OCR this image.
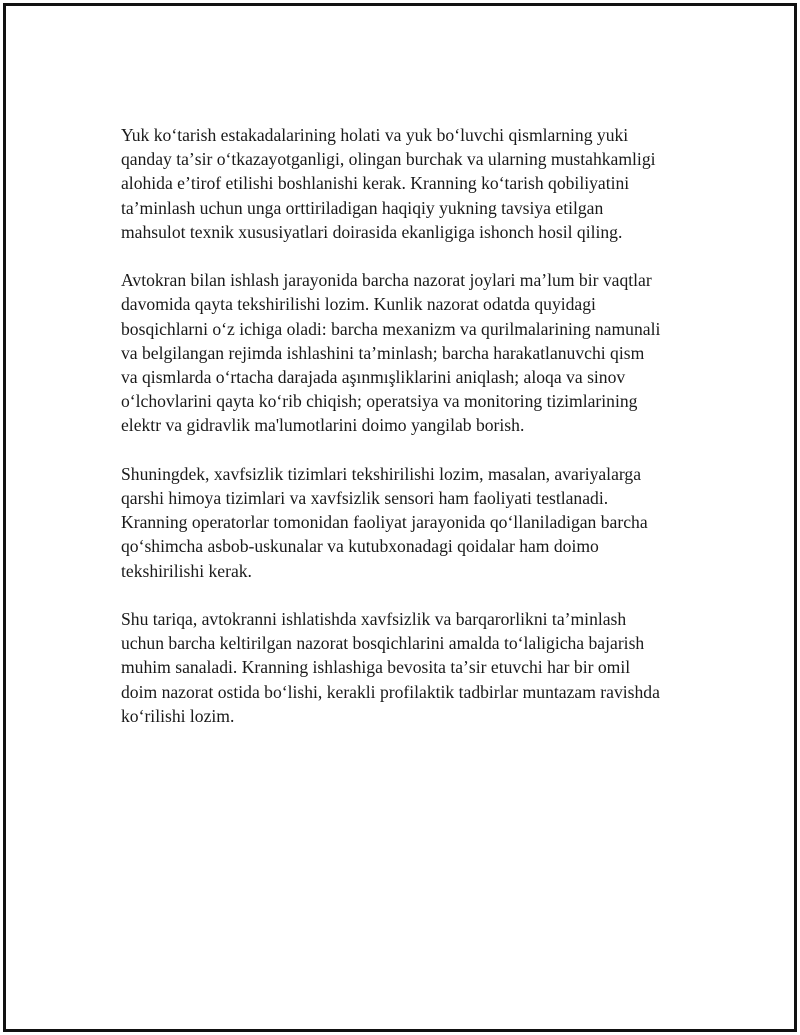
Yuk koʻtarish estakadalarining holati va yuk boʻluvchi qismlarning yuki
qanday taʼsir oʻtkazayotganligi, olingan burchak va ularning mustahkamligi
alohida eʼtirof etilishi boshlanishi kerak. Kranning koʻtarish qobiliyatini
taʼminlash uchun unga orttiriladigan haqiqiy yukning tavsiya etilgan
mahsulot texnik xususiyatlari doirasida ekanligiga ishonch hosil qiling.

Avtokran bilan ishlash jarayonida barcha nazorat joylari maʼlum bir vaqtlar
davomida qayta tekshirilishi lozim. Kunlik nazorat odatda quyidagi
bosqichlarni oʻz ichiga oladi: barcha mexanizm va qurilmalarining namunali
va belgilangan rejimda ishlashini taʼminlash; barcha harakatlanuvchi qism
va qismlarda oʻrtacha darajada aşınmışliklarini aniqlash; aloqa va sinov
oʻlchovlarini qayta koʻrib chiqish; operatsiya va monitoring tizimlarining
elektr va gidravlik ma'lumotlarini doimo yangilab borish.

Shuningdek, xavfsizlik tizimlari tekshirilishi lozim, masalan, avariyalarga
qarshi himoya tizimlari va xavfsizlik sensori ham faoliyati testlanadi.
Kranning operatorlar tomonidan faoliyat jarayonida qoʻllaniladigan barcha
qoʻshimcha asbob-uskunalar va kutubxonadagi qoidalar ham doimo
tekshirilishi kerak.

Shu tariqa, avtokranni ishlatishda xavfsizlik va barqarorlikni taʼminlash
uchun barcha keltirilgan nazorat bosqichlarini amalda toʻlaligicha bajarish
muhim sanaladi. Kranning ishlashiga bevosita taʼsir etuvchi har bir omil
doim nazorat ostida boʻlishi, kerakli profilaktik tadbirlar muntazam ravishda
koʻrilishi lozim.
